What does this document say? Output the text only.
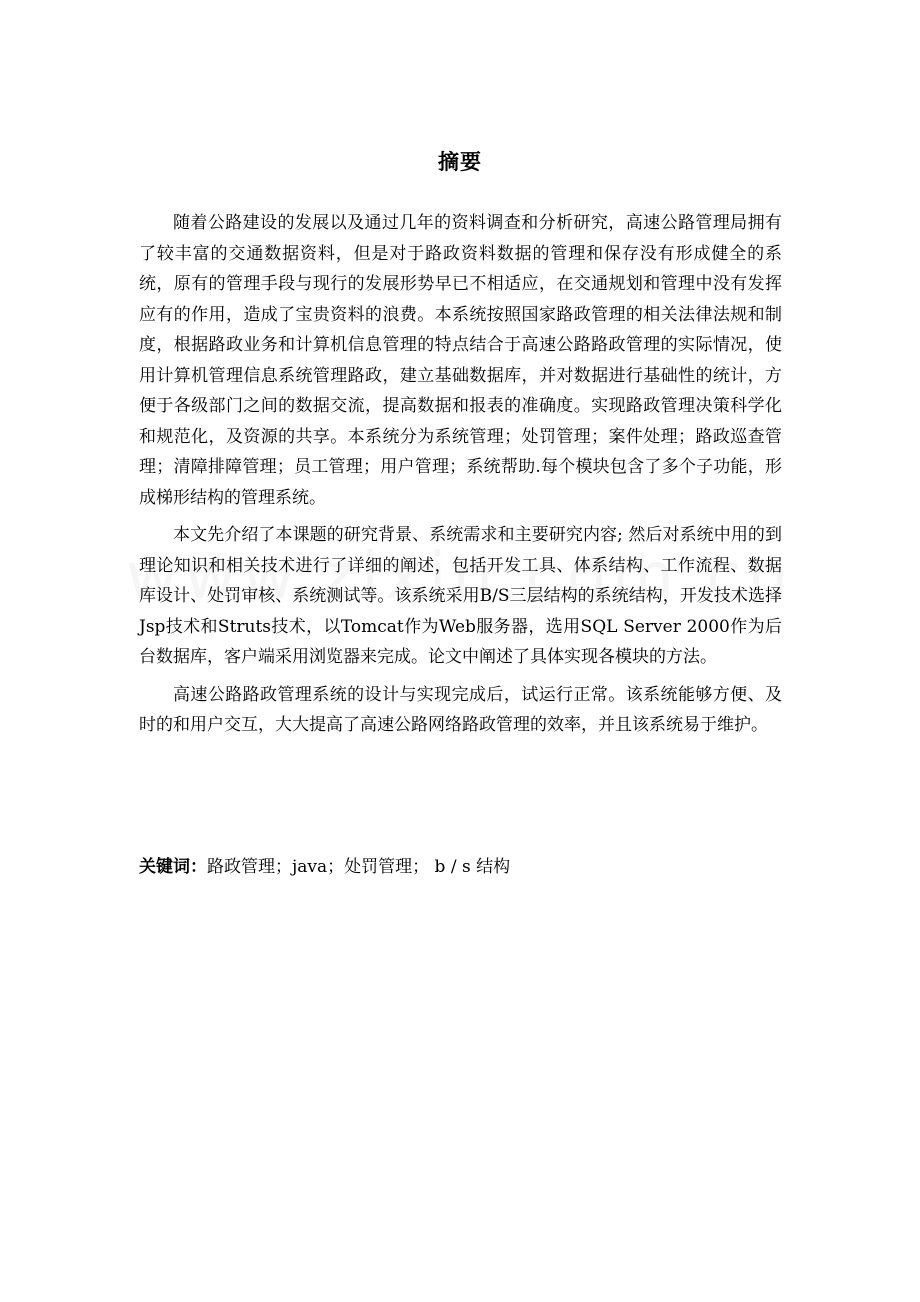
摘要

随着公路建设的发展以及通过几年的资料调查和分析研究，高速公路管理局拥有了较丰富的交通数据资料，但是对于路政资料数据的管理和保存没有形成健全的系统，原有的管理手段与现行的发展形势早已不相适应，在交通规划和管理中没有发挥应有的作用，造成了宝贵资料的浪费。本系统按照国家路政管理的相关法律法规和制度，根据路政业务和计算机信息管理的特点结合于高速公路路政管理的实际情况，使用计算机管理信息系统管理路政，建立基础数据库，并对数据进行基础性的统计，方便于各级部门之间的数据交流，提高数据和报表的准确度。实现路政管理决策科学化和规范化，及资源的共享。本系统分为系统管理；处罚管理；案件处理；路政巡查管理；清障排障管理；员工管理；用户管理；系统帮助.每个模块包含了多个子功能，形成梯形结构的管理系统。

本文先介绍了本课题的研究背景、系统需求和主要研究内容; 然后对系统中用的到理论知识和相关技术进行了详细的阐述，包括开发工具、体系结构、工作流程、数据库设计、处罚审核、系统测试等。该系统采用B/S三层结构的系统结构，开发技术选择Jsp技术和Struts技术，以Tomcat作为Web服务器，选用SQL Server 2000作为后台数据库，客户端采用浏览器来完成。论文中阐述了具体实现各模块的方法。

高速公路路政管理系统的设计与实现完成后，试运行正常。该系统能够方便、及时的和用户交互，大大提高了高速公路网络路政管理的效率，并且该系统易于维护。

关键词：路政管理；java；处罚管理； b / s 结构
